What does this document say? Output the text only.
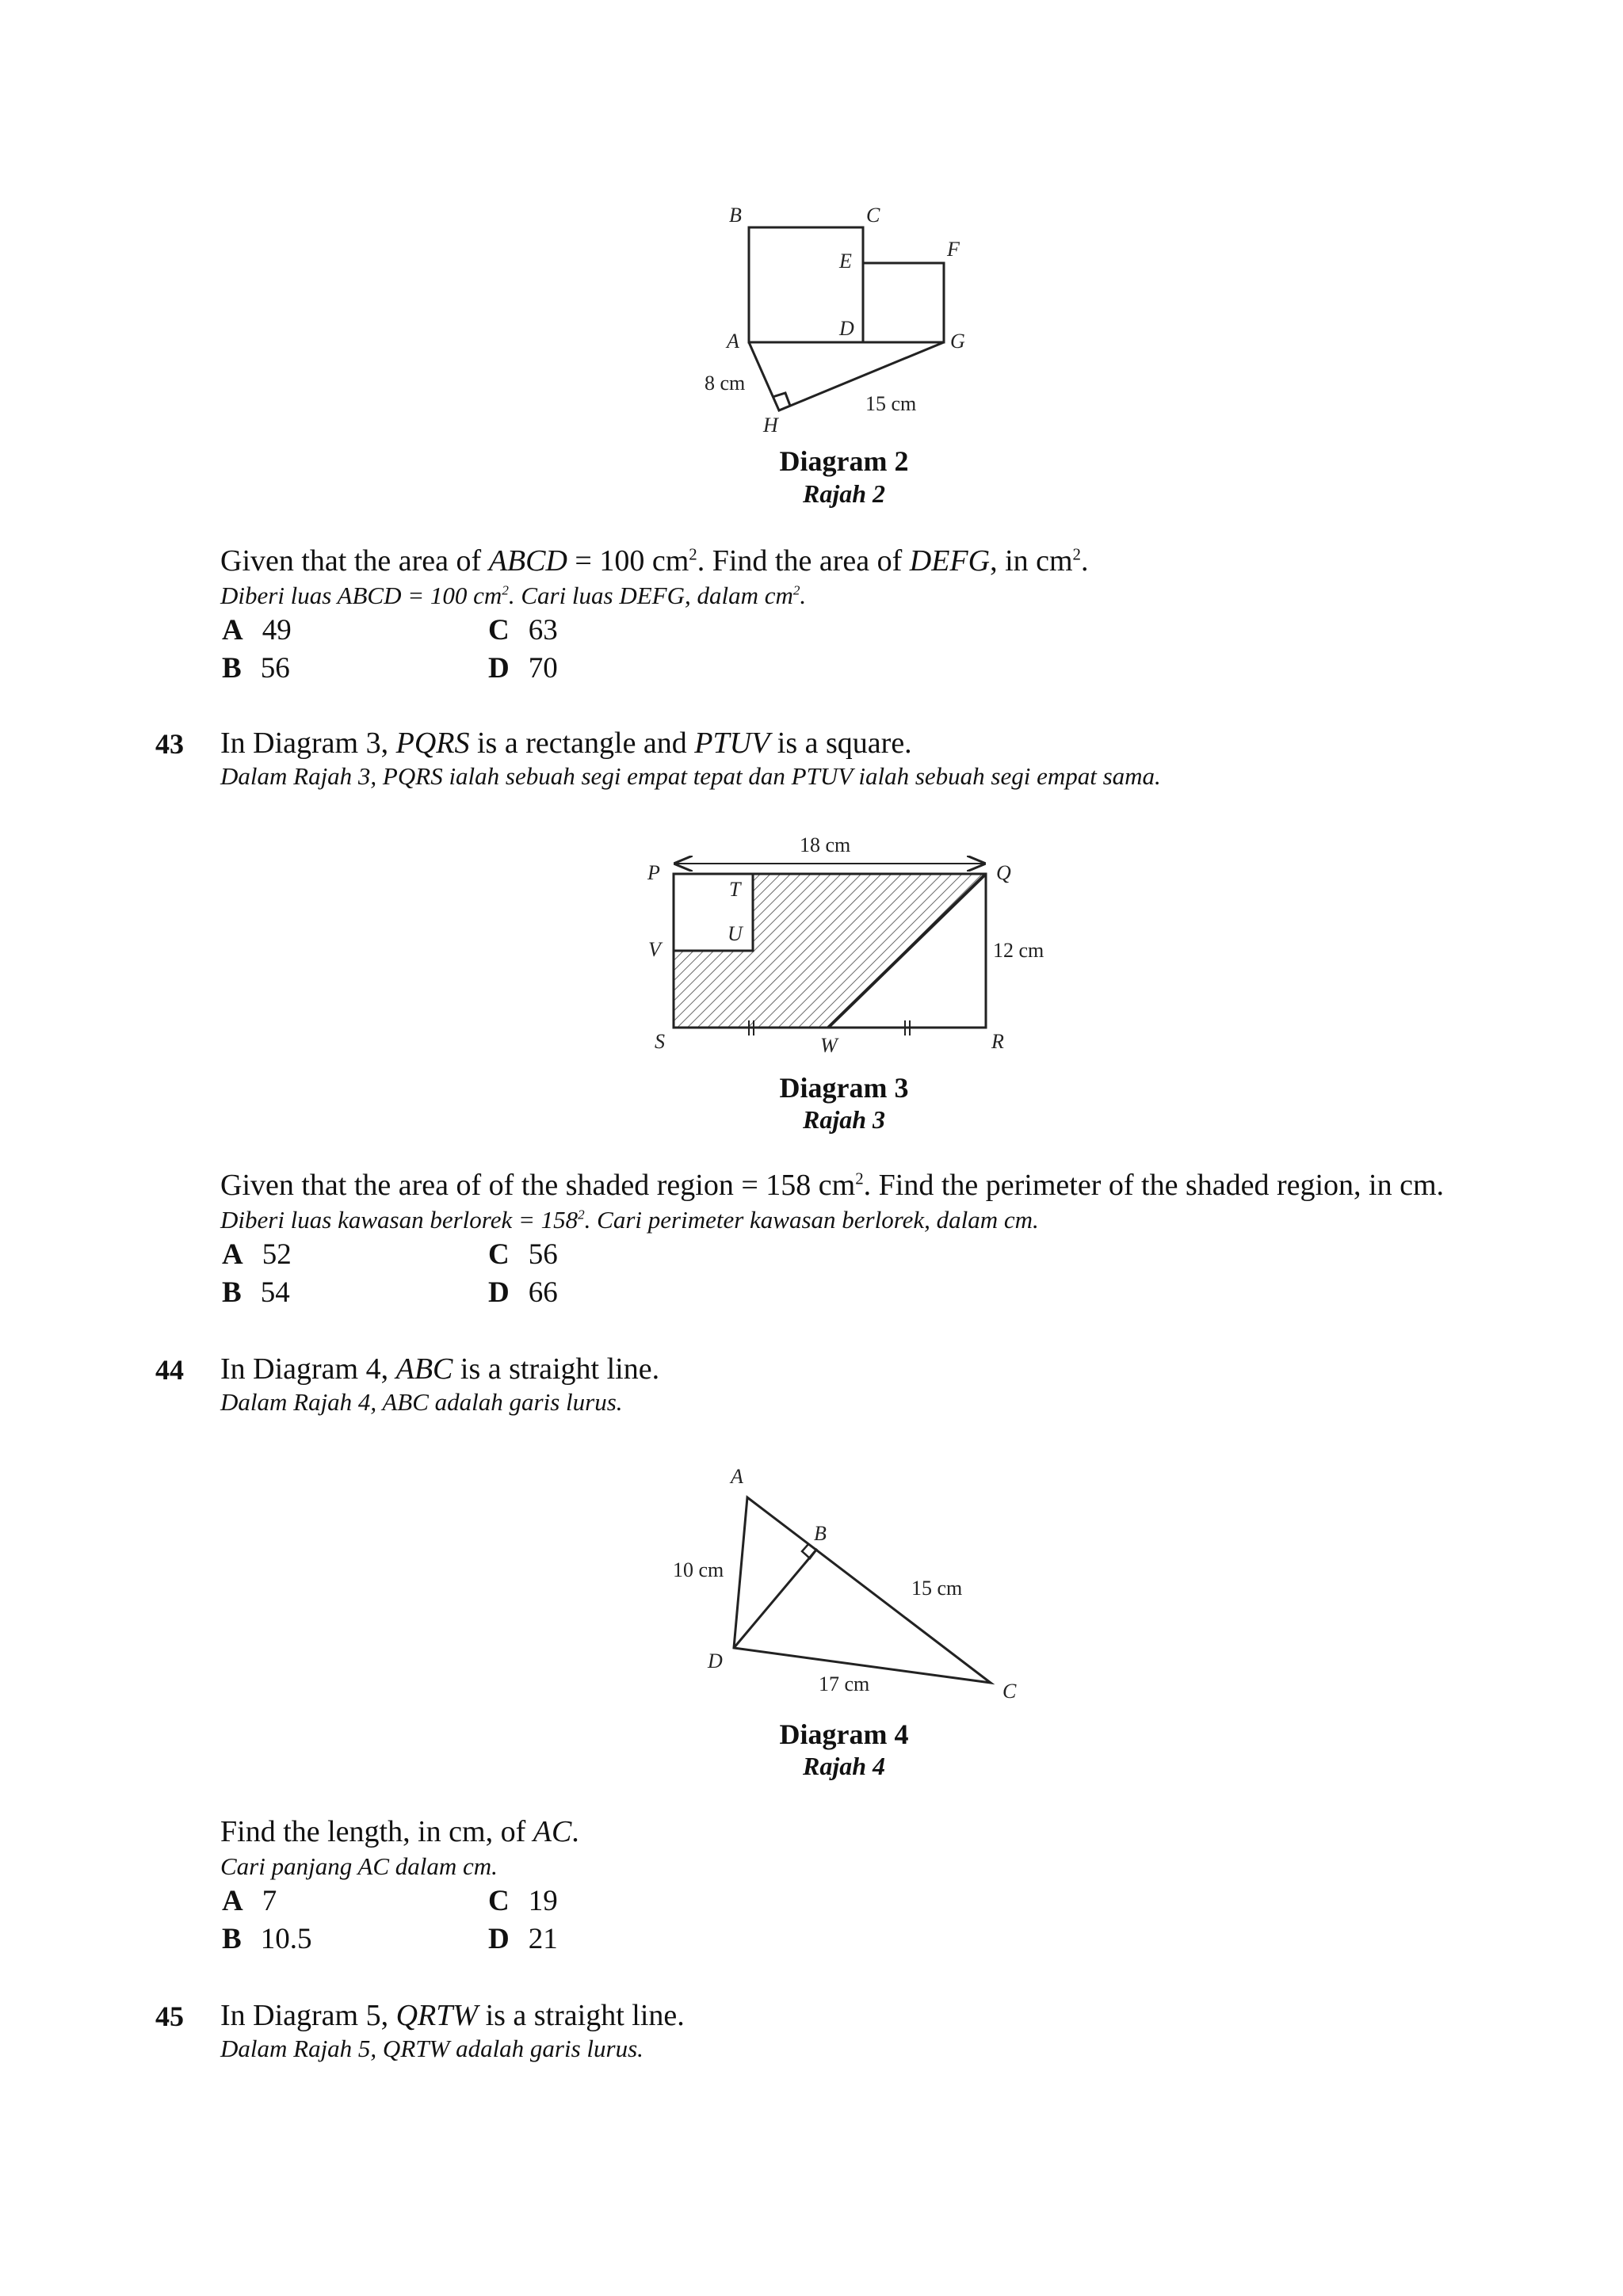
B	C
E
F
A
D
G
H
8 cm
15 cm
Diagram 2
Rajah 2
Given that the area of ABCD = 100 $cm^2$. Find the area of DEFG, in $cm^2$.
Diberi luas ABCD = 100 $cm^2$. Cari luas DEFG, dalam $cm^2$.
A 49
B 56
C 63
D 70
43 In Diagram 3, PQRS is a rectangle and PTUV is a square.
Dalam Rajah 3, PQRS ialah sebuah segi empat tepat dan PTUV ialah sebuah segi empat sama.
P
T
Q
U
V
S	W	R
18 cm
12 cm
Diagram 3
Rajah 3
Given that the area of of the shaded region = 158 $cm^2$. Find the perimeter of the shaded region, in cm.
Diberi luas kawasan berlorek = $158^2$. Cari perimeter kawasan berlorek, dalam cm.
A 52
B 54
C 56
D 66
44 In Diagram 4, ABC is a straight line.
Dalam Rajah 4, ABC adalah garis lurus.
A
B
C
D
10 cm
15 cm
17 cm
Diagram 4
Rajah 4
Find the length, in cm, of AC.
Cari panjang AC dalam cm.
A 7
B 10.5
C 19
D 21
45 In Diagram 5, QRTW is a straight line.
Dalam Rajah 5, QRTW adalah garis lurus.
